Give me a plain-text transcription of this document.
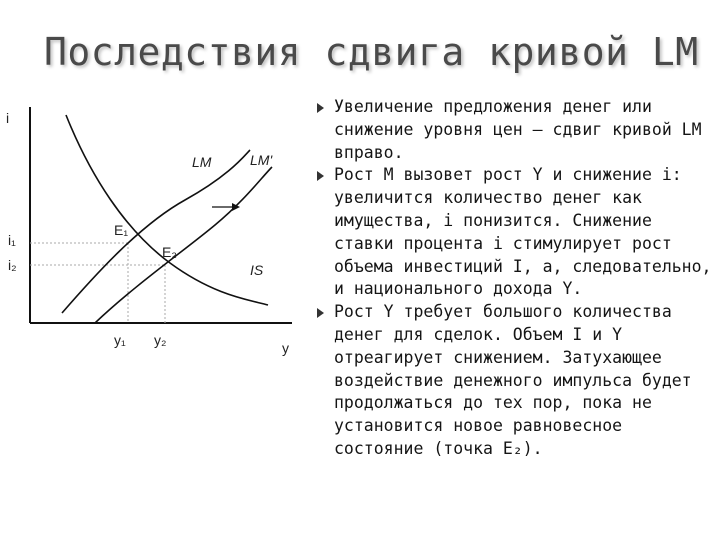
Последствия сдвига кривой LM
i
y
LM	LM'
IS
E₁
E₂
i₁
i₂
y₁ y₂
Увеличение предложения денег или снижение уровня цен – сдвиг кривой LM вправо.
Рост M вызовет рост Y и снижение i: увеличится количество денег как имущества, i понизится. Снижение ставки процента i стимулирует рост объема инвестиций I, а, следовательно, и национального дохода Y.
Рост Y требует большого количества денег для сделок. Объем I и Y отреагирует снижением. Затухающее воздействие денежного импульса будет продолжаться до тех пор, пока не установится новое равновесное состояние (точка E₂).
